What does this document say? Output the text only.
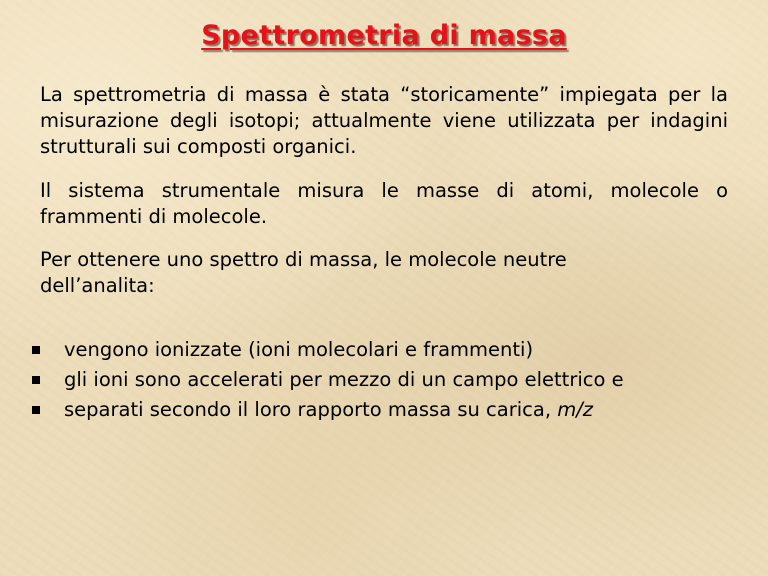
Spettrometria di massa

La spettrometria di massa è stata “storicamente” impiegata per la misurazione degli isotopi; attualmente viene utilizzata per indagini strutturali sui composti organici.

Il sistema strumentale misura le masse di atomi, molecole o frammenti di molecole.

Per ottenere uno spettro di massa, le molecole neutre dell’analita:

vengono ionizzate (ioni molecolari e frammenti)
gli ioni sono accelerati per mezzo di un campo elettrico e
separati secondo il loro rapporto massa su carica, m/z
